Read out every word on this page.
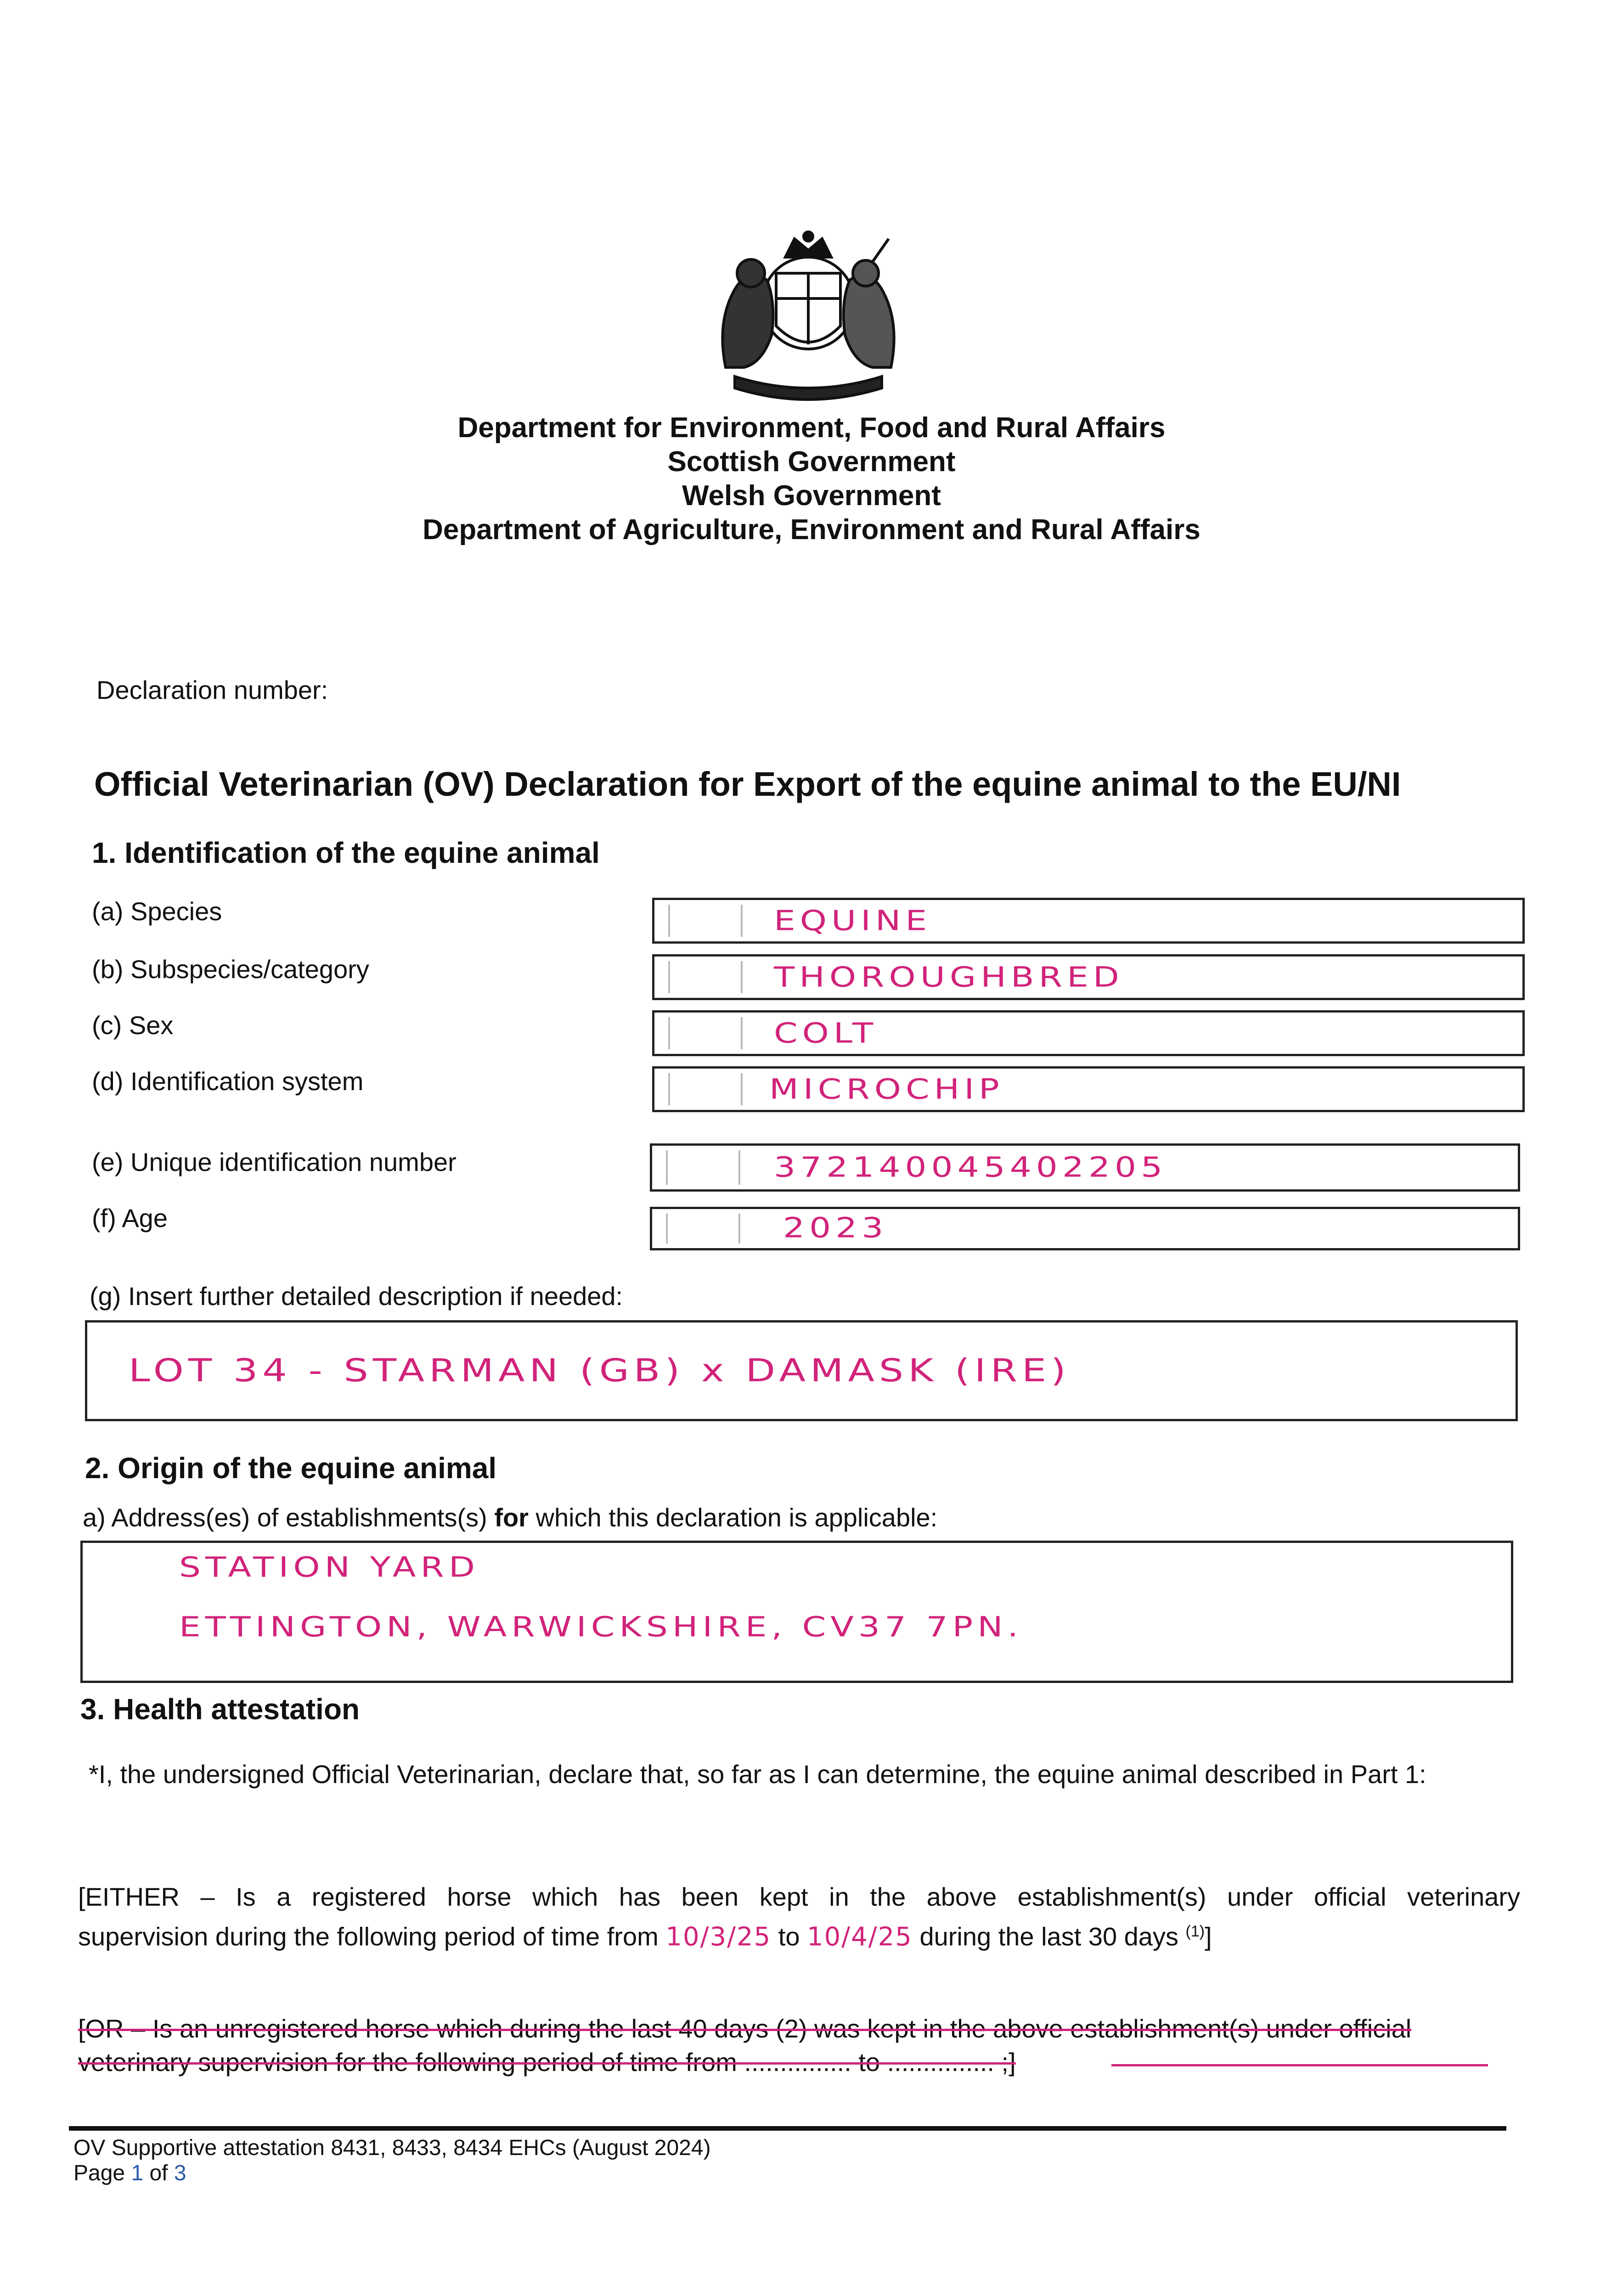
Department for Environment, Food and Rural Affairs
Scottish Government
Welsh Government
Department of Agriculture, Environment and Rural Affairs
Declaration number:
Official Veterinarian (OV) Declaration for Export of the equine animal to the EU/NI
1. Identification of the equine animal
(a) Species	EQUINE
(b) Subspecies/category	THOROUGHBRED
(c) Sex	COLT
(d) Identification system	MICROCHIP
(e) Unique identification number	372140045402205
(f) Age	2023
(g) Insert further detailed description if needed:
LOT 34 - STARMAN (GB) x DAMASK (IRE)
2. Origin of the equine animal
a) Address(es) of establishments(s) for which this declaration is applicable:
STATION YARD
ETTINGTON, WARWICKSHIRE, CV37 7PN.
3. Health attestation
*I, the undersigned Official Veterinarian, declare that, so far as I can determine, the equine animal described in Part 1:
[EITHER – Is a registered horse which has been kept in the above establishment(s) under official veterinary
supervision during the following period of time from 10/3/25 to 10/4/25 during the last 30 days $^{(1)}$]
[OR – Is an unregistered horse which during the last 40 days (2) was kept in the above establishment(s) under official
veterinary supervision for the following period of time from ............... to ............... ;]
OV Supportive attestation 8431, 8433, 8434 EHCs (August 2024)
Page 1 of 3
